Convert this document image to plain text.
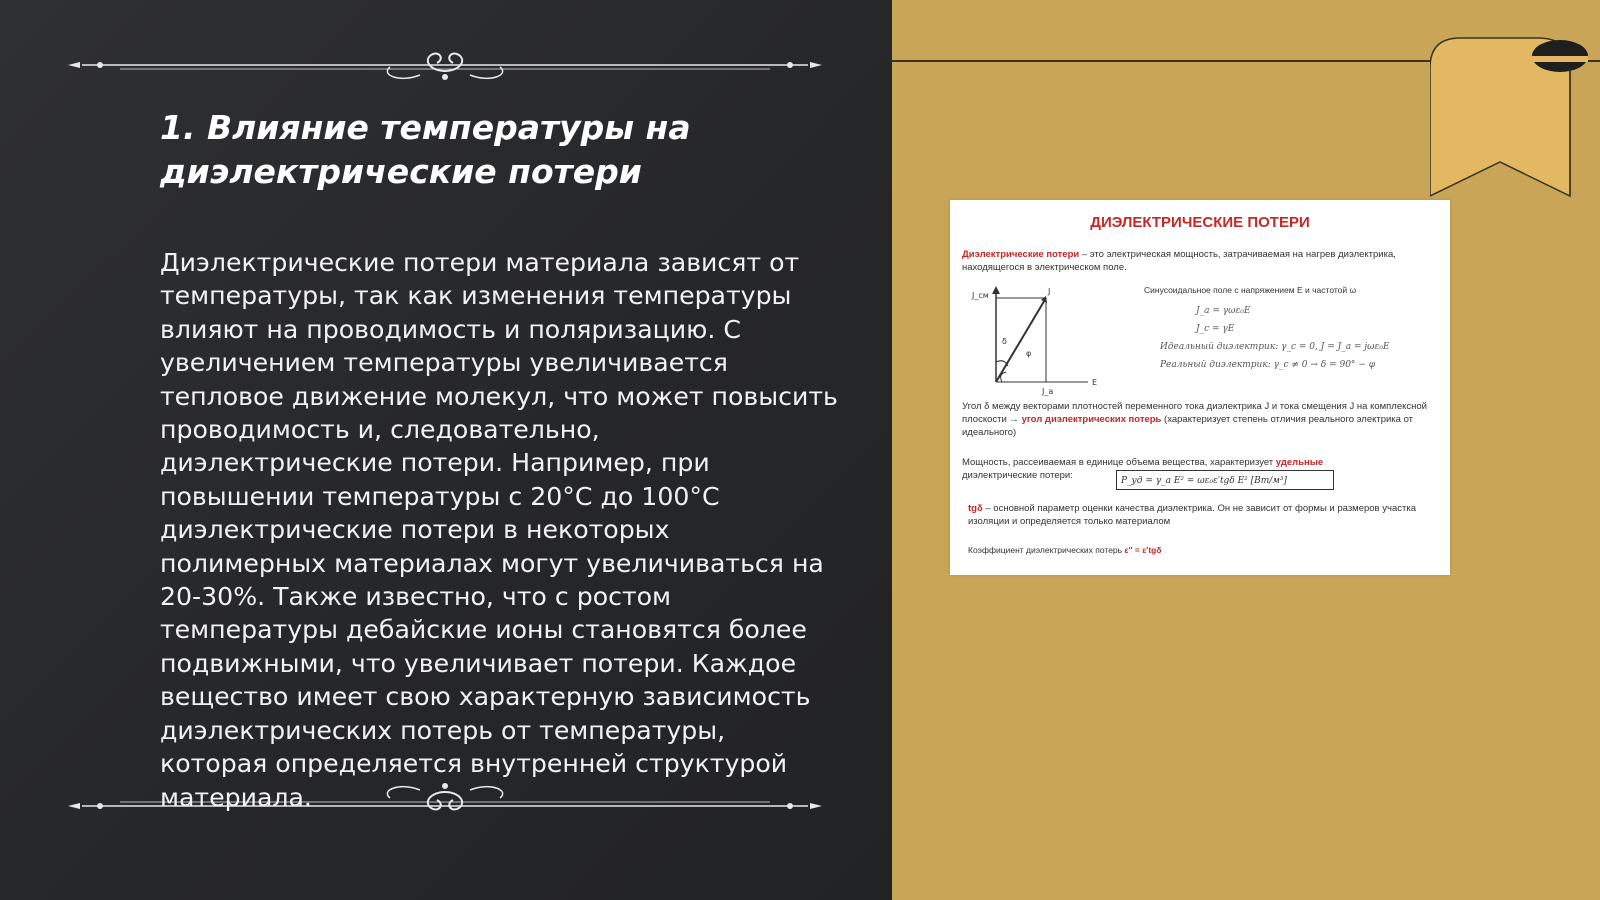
1. Влияние температуры на диэлектрические потери

Диэлектрические потери материала зависят от температуры, так как изменения температуры влияют на проводимость и поляризацию. С увеличением температуры увеличивается тепловое движение молекул, что может повысить проводимость и, следовательно, диэлектрические потери. Например, при повышении температуры с 20°C до 100°C диэлектрические потери в некоторых полимерных материалах могут увеличиваться на 20-30%. Также известно, что с ростом температуры дебайские ионы становятся более подвижными, что увеличивает потери. Каждое вещество имеет свою характерную зависимость диэлектрических потерь от температуры, которая определяется внутренней структурой материала.

ДИЭЛЕКТРИЧЕСКИЕ ПОТЕРИ
Диэлектрические потери – это электрическая мощность, затрачиваемая на нагрев диэлектрика, находящегося в электрическом поле.
J_см	J
δ
φ
J_а
E
Синусоидальное поле с напряжением E и частотой ω
J_a = γωε₀E
J_c = γE
Идеальный диэлектрик: γ_c = 0, J = J_a = jωε₀E
Реальный диэлектрик: γ_c ≠ 0 → δ = 90° − φ
Угол δ между векторами плотностей переменного тока диэлектрика J и тока смещения J на комплексной плоскости → угол диэлектрических потерь (характеризует степень отличия реального электрика от идеального)
Мощность, рассеиваемая в единице объема вещества, характеризует удельные
диэлектрические потери:	P_уд = γ_a E² = ωε₀ε′tgδ E² [Вт/м³]
tgδ – основной параметр оценки качества диэлектрика. Он не зависит от формы и размеров участка изоляции и определяется только материалом
Коэффициент диэлектрических потерь ε″ = ε′tgδ
